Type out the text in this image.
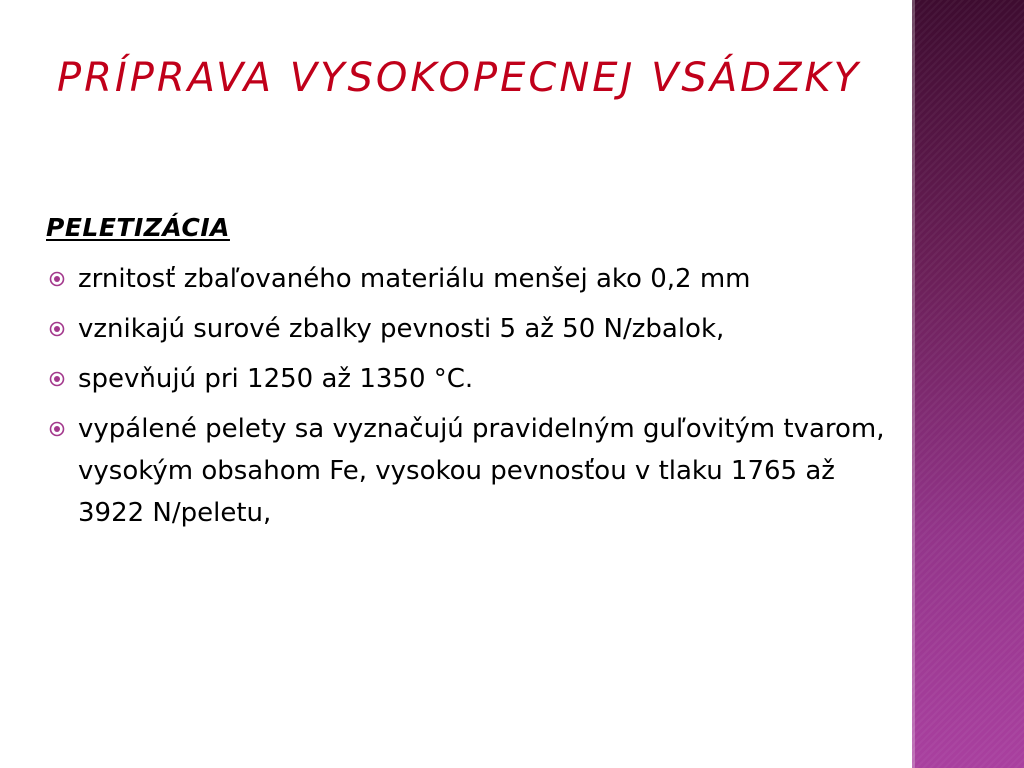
PRÍPRAVA VYSOKOPECNEJ VSÁDZKY
PELETIZÁCIA
zrnitosť zbaľovaného materiálu menšej ako 0,2 mm
vznikajú surové zbalky pevnosti 5 až 50 N/zbalok,
spevňujú pri 1250 až 1350 °C.
vypálené pelety sa vyznačujú pravidelným guľovitým tvarom, vysokým obsahom Fe, vysokou pevnosťou v tlaku 1765 až 3922 N/peletu,
